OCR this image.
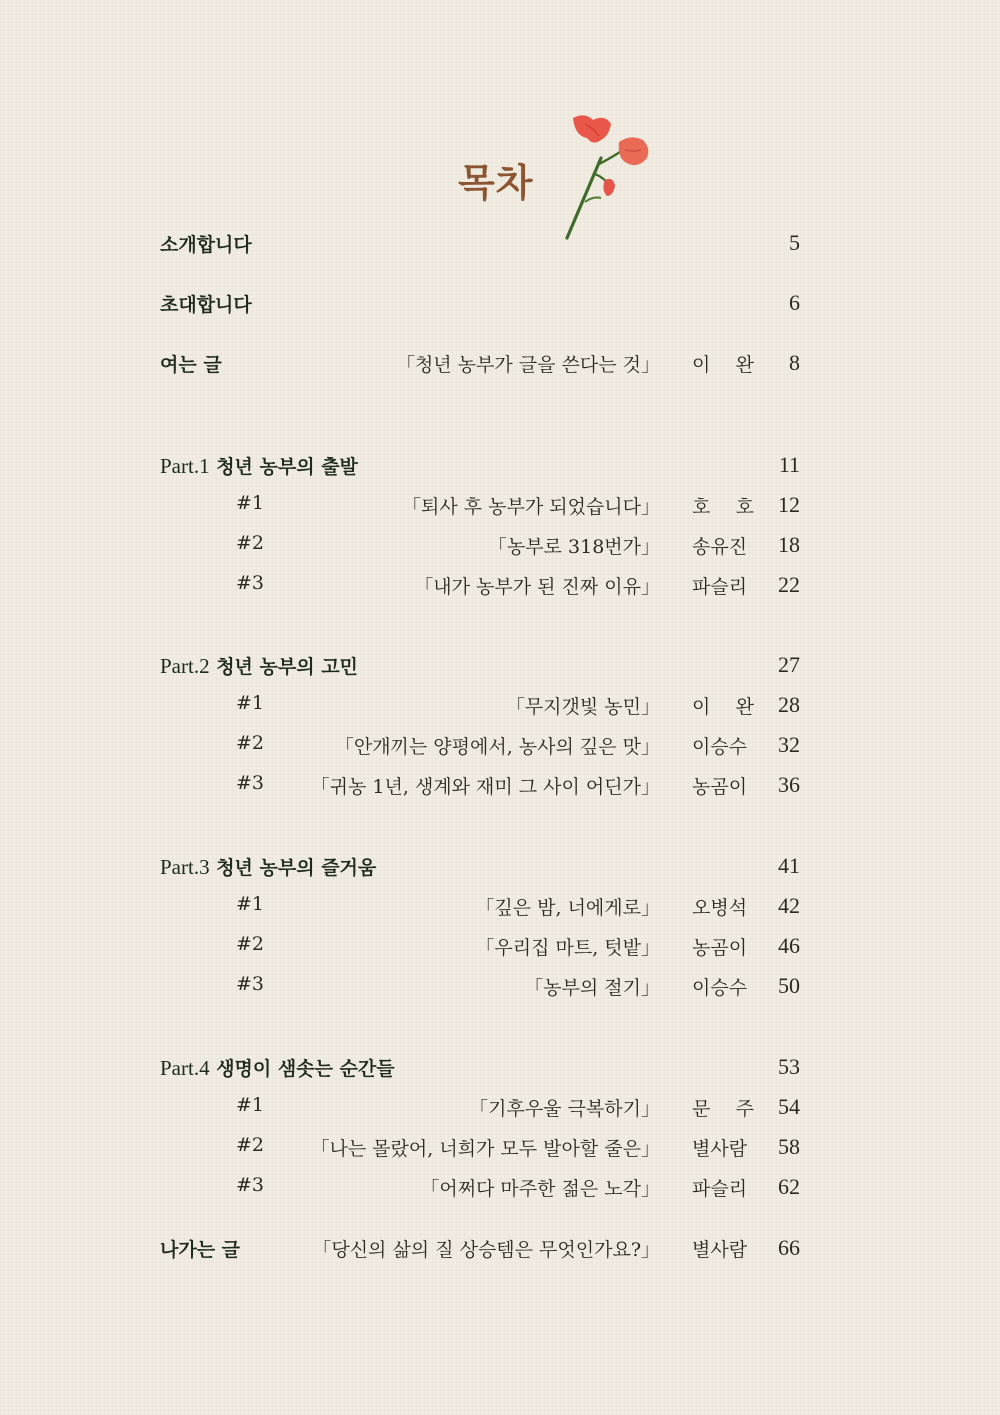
목차
소개합니다	5
초대합니다	6
여는 글	「청년 농부가 글을 쓴다는 것」 이 완 8
Part.1 청년 농부의 출발	11
#1	「퇴사 후 농부가 되었습니다」 호 호 12
#2	「농부로 318번가」 송유진	18
#3	「내가 농부가 된 진짜 이유」 파슬리	22
Part.2 청년 농부의 고민	27
#1	「무지갯빛 농민」 이 완 28
#2	「안개끼는 양평에서, 농사의 깊은 맛」 이승수	32
#3 「귀농 1년, 생계와 재미 그 사이 어딘가」 농곰이	36
Part.3 청년 농부의 즐거움	41
#1	「깊은 밤, 너에게로」 오병석	42
#2	「우리집 마트, 텃밭」 농곰이	46
#3	「농부의 절기」 이승수	50
Part.4 생명이 샘솟는 순간들	53
#1	「기후우울 극복하기」 문 주 54
#2 「나는 몰랐어, 너희가 모두 발아할 줄은」 별사람	58
#3	「어쩌다 마주한 젊은 노각」 파슬리	62
나가는 글	「당신의 삶의 질 상승템은 무엇인가요?」 별사람	66
